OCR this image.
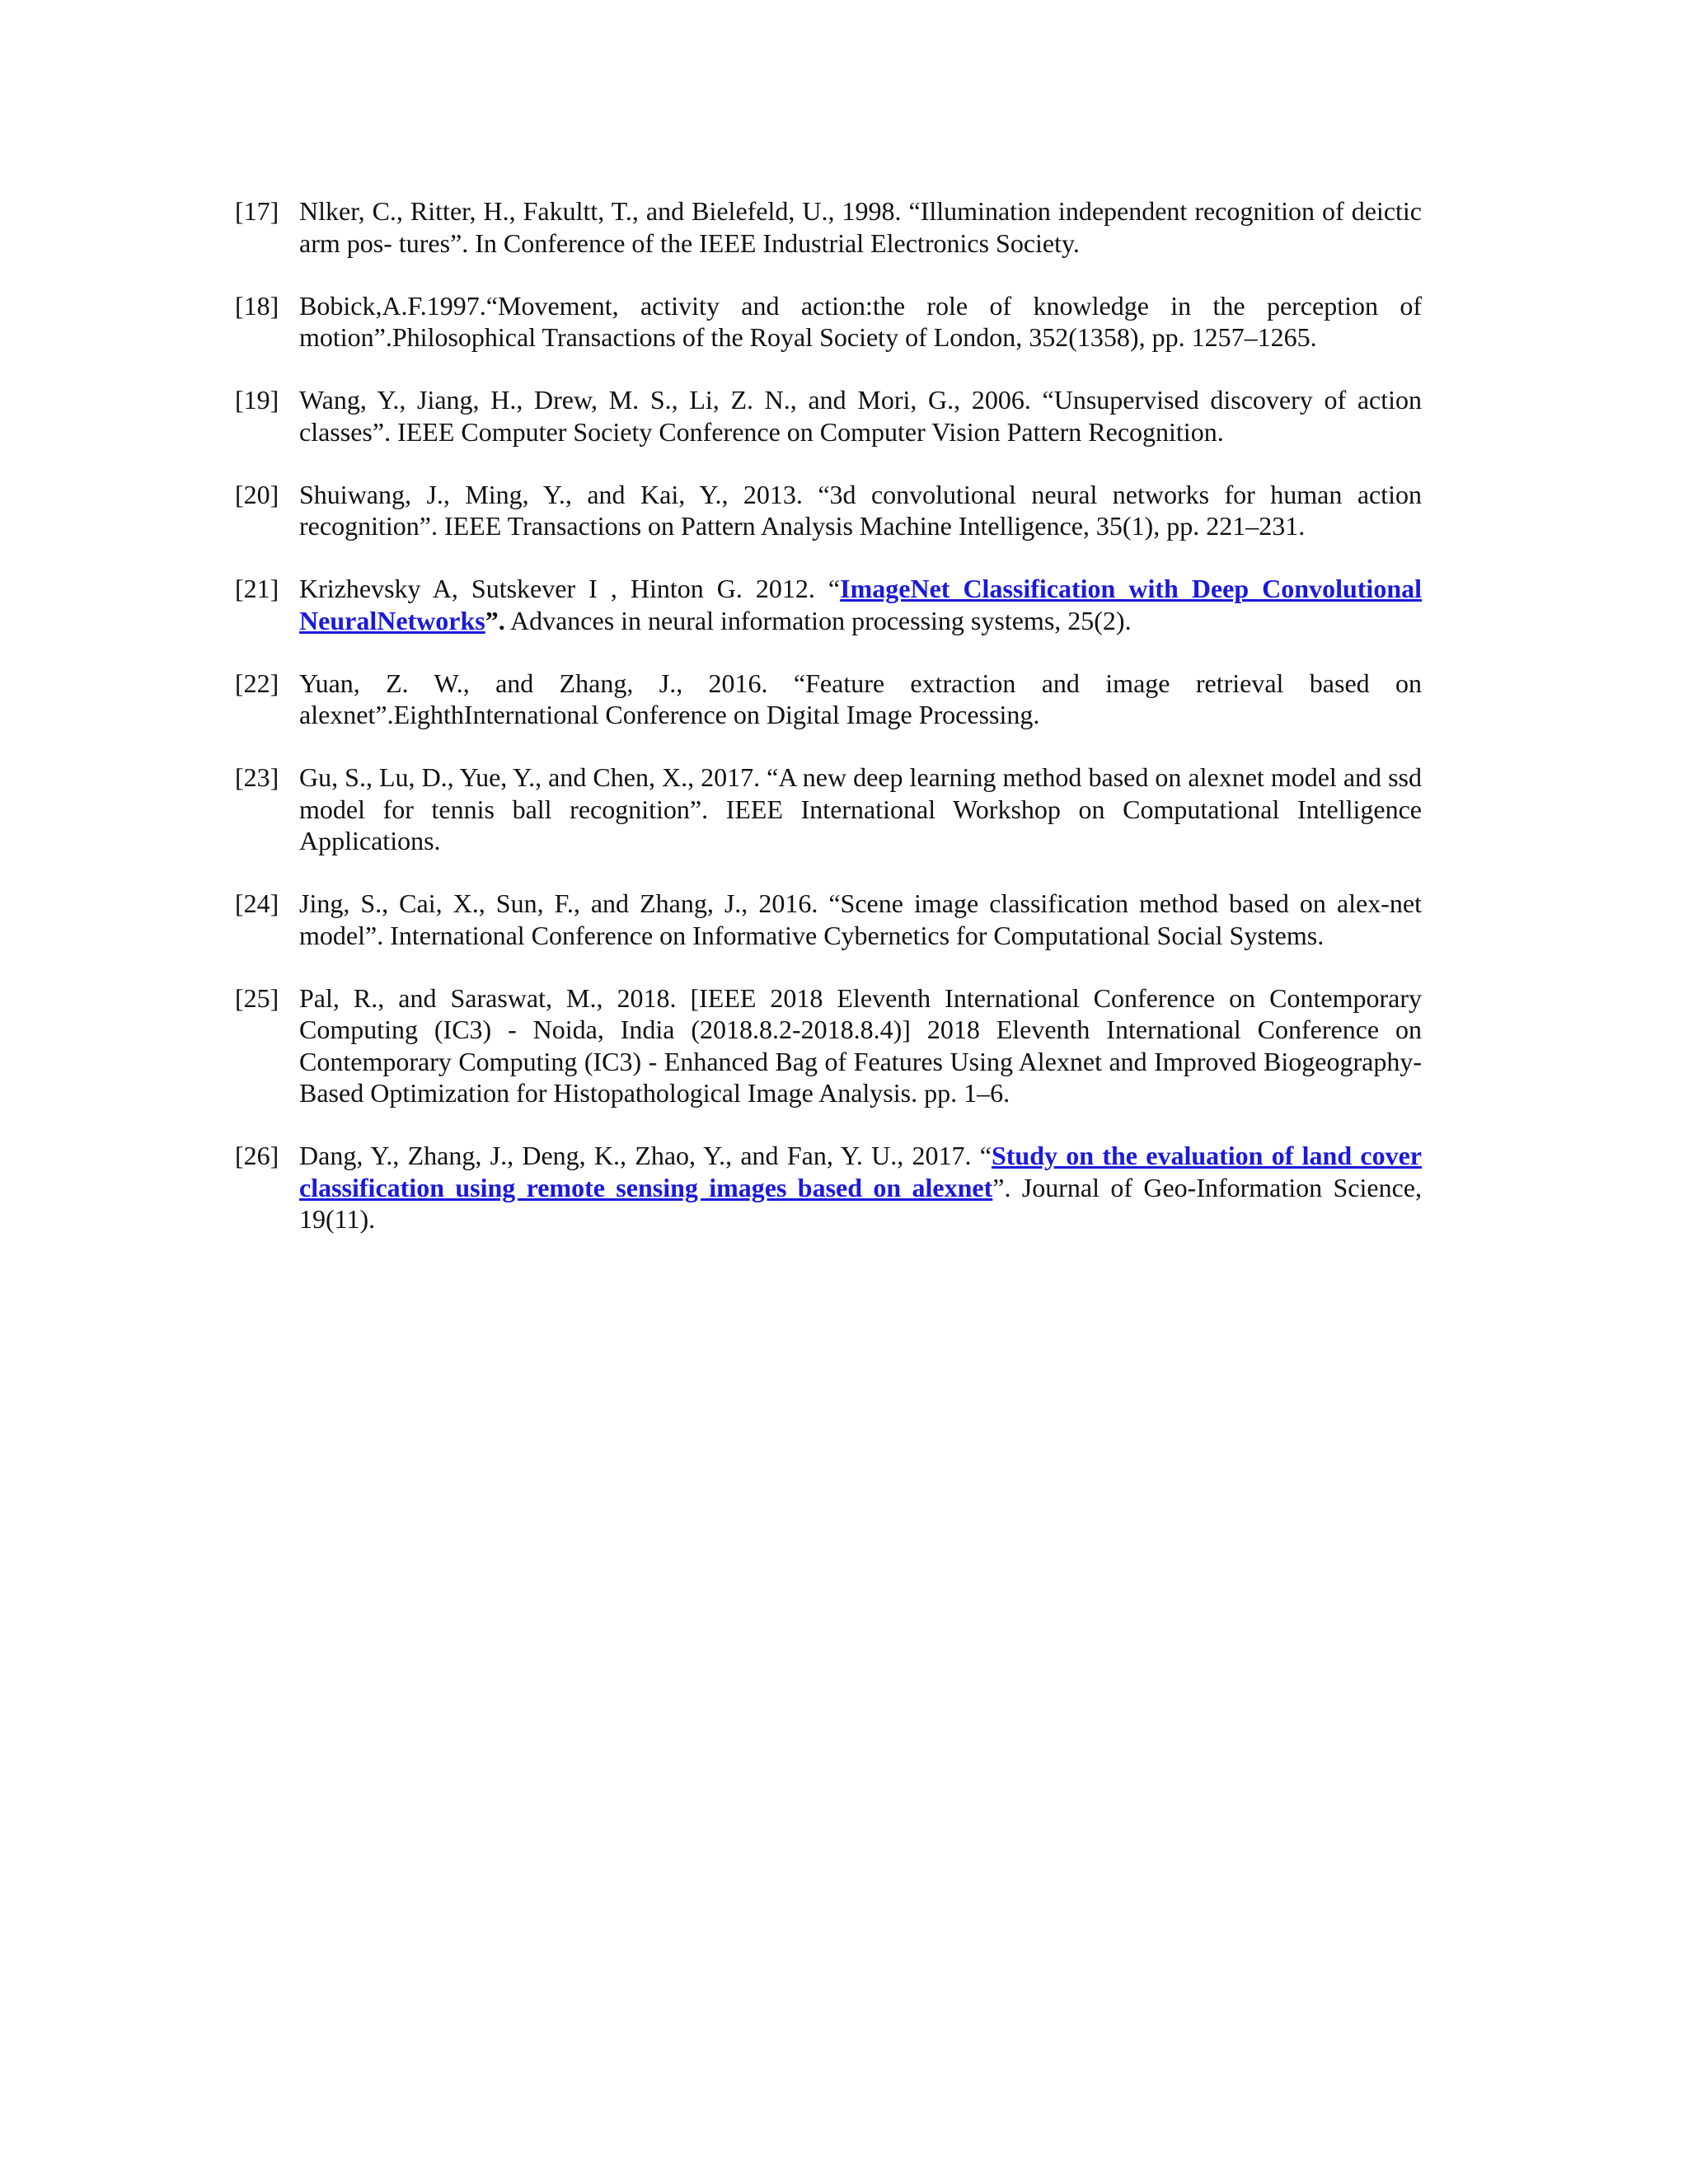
[17] Nlker, C., Ritter, H., Fakultt, T., and Bielefeld, U., 1998. “Illumination independent recognition of deictic arm pos- tures”. In Conference of the IEEE Industrial Electronics Society.
[18] Bobick,A.F.1997.“Movement, activity and action:the role of knowledge in the perception of motion”.Philosophical Transactions of the Royal Society of London, 352(1358), pp. 1257–1265.
[19] Wang, Y., Jiang, H., Drew, M. S., Li, Z. N., and Mori, G., 2006. “Unsupervised discovery of action classes”. IEEE Computer Society Conference on Computer Vision Pattern Recognition.
[20] Shuiwang, J., Ming, Y., and Kai, Y., 2013. “3d convolutional neural networks for human action recognition”. IEEE Transactions on Pattern Analysis Machine Intelligence, 35(1), pp. 221–231.
[21] Krizhevsky A, Sutskever I , Hinton G. 2012. “ImageNet Classification with Deep Convolutional NeuralNetworks”. Advances in neural information processing systems, 25(2).
[22] Yuan, Z. W., and Zhang, J., 2016. “Feature extraction and image retrieval based on alexnet”.EighthInternational Conference on Digital Image Processing.
[23] Gu, S., Lu, D., Yue, Y., and Chen, X., 2017. “A new deep learning method based on alexnet model and ssd model for tennis ball recognition”. IEEE International Workshop on Computational Intelligence Applications.
[24] Jing, S., Cai, X., Sun, F., and Zhang, J., 2016. “Scene image classification method based on alex-net model”. International Conference on Informative Cybernetics for Computational Social Systems.
[25] Pal, R., and Saraswat, M., 2018. [IEEE 2018 Eleventh International Conference on Contemporary Computing (IC3) - Noida, India (2018.8.2-2018.8.4)] 2018 Eleventh International Conference on Contemporary Computing (IC3) - Enhanced Bag of Features Using Alexnet and Improved Biogeography-Based Optimization for Histopathological Image Analysis. pp. 1–6.
[26] Dang, Y., Zhang, J., Deng, K., Zhao, Y., and Fan, Y. U., 2017. “Study on the evaluation of land cover classification using remote sensing images based on alexnet”. Journal of Geo-Information Science, 19(11).
